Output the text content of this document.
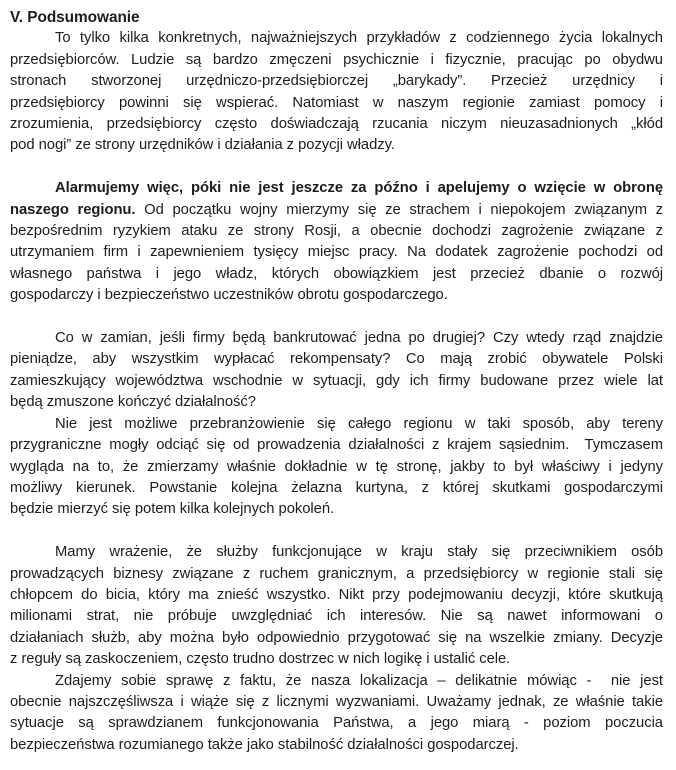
V. Podsumowanie
To tylko kilka konkretnych, najważniejszych przykładów z codziennego życia lokalnych
przedsiębiorców. Ludzie są bardzo zmęczeni psychicznie i fizycznie, pracując po obydwu
stronach stworzonej urzędniczo-przedsiębiorczej „barykady”. Przecież urzędnicy i
przedsiębiorcy powinni się wspierać. Natomiast w naszym regionie zamiast pomocy i
zrozumienia, przedsiębiorcy często doświadczają rzucania niczym nieuzasadnionych „kłód
pod nogi” ze strony urzędników i działania z pozycji władzy.
Alarmujemy więc, póki nie jest jeszcze za późno i apelujemy o wzięcie w obronę
naszego regionu. Od początku wojny mierzymy się ze strachem i niepokojem związanym z
bezpośrednim ryzykiem ataku ze strony Rosji, a obecnie dochodzi zagrożenie związane z
utrzymaniem firm i zapewnieniem tysięcy miejsc pracy. Na dodatek zagrożenie pochodzi od
własnego państwa i jego władz, których obowiązkiem jest przecież dbanie o rozwój
gospodarczy i bezpieczeństwo uczestników obrotu gospodarczego.
Co w zamian, jeśli firmy będą bankrutować jedna po drugiej? Czy wtedy rząd znajdzie
pieniądze, aby wszystkim wypłacać rekompensaty? Co mają zrobić obywatele Polski
zamieszkujący województwa wschodnie w sytuacji, gdy ich firmy budowane przez wiele lat
będą zmuszone kończyć działalność?
Nie jest możliwe przebranżowienie się całego regionu w taki sposób, aby tereny
przygraniczne mogły odciąć się od prowadzenia działalności z krajem sąsiednim.  Tymczasem
wygląda na to, że zmierzamy właśnie dokładnie w tę stronę, jakby to był właściwy i jedyny
możliwy kierunek. Powstanie kolejna żelazna kurtyna, z której skutkami gospodarczymi
będzie mierzyć się potem kilka kolejnych pokoleń.
Mamy wrażenie, że służby funkcjonujące w kraju stały się przeciwnikiem osób
prowadzących biznesy związane z ruchem granicznym, a przedsiębiorcy w regionie stali się
chłopcem do bicia, który ma znieść wszystko. Nikt przy podejmowaniu decyzji, które skutkują
milionami strat, nie próbuje uwzględniać ich interesów. Nie są nawet informowani o
działaniach służb, aby można było odpowiednio przygotować się na wszelkie zmiany. Decyzje
z reguły są zaskoczeniem, często trudno dostrzec w nich logikę i ustalić cele.
Zdajemy sobie sprawę z faktu, że nasza lokalizacja – delikatnie mówiąc -  nie jest
obecnie najszczęśliwsza i wiąże się z licznymi wyzwaniami. Uważamy jednak, ze właśnie takie
sytuacje są sprawdzianem funkcjonowania Państwa, a jego miarą - poziom poczucia
bezpieczeństwa rozumianego także jako stabilność działalności gospodarczej.
